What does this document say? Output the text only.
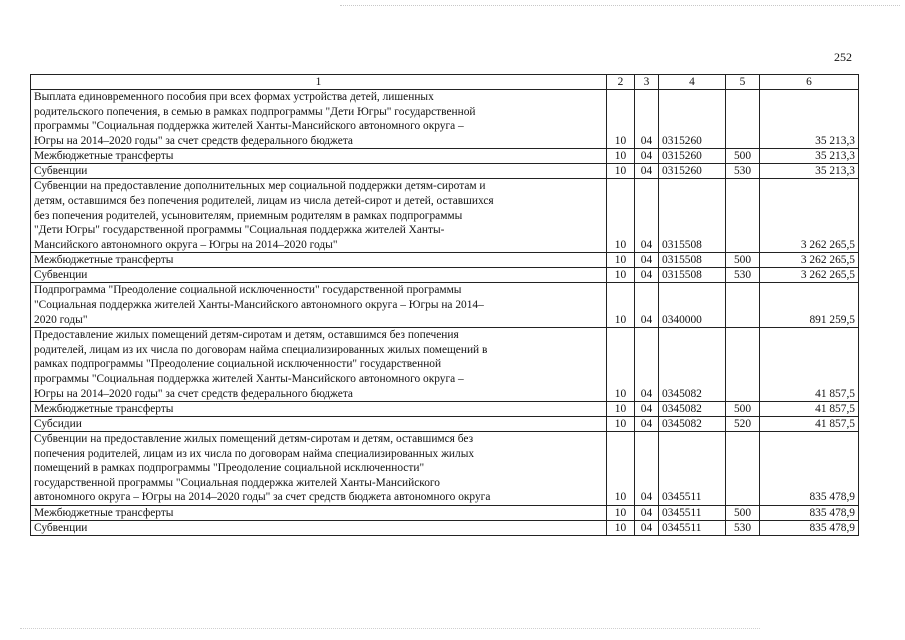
252
1	2	3	4	5	6

Выплата единовременного пособия при всех формах устройства детей, лишенных
родительского попечения, в семью в рамках подпрограммы "Дети Югры" государственной
программы "Социальная поддержка жителей Ханты-Мансийского автономного округа –
Югры на 2014–2020 годы" за счет средств федерального бюджета	10	04	0315260		35 213,3

Межбюджетные трансферты	10	04	0315260	500	35 213,3

Субвенции	10	04	0315260	530	35 213,3

Субвенции на предоставление дополнительных мер социальной поддержки детям-сиротам и
детям, оставшимся без попечения родителей, лицам из числа детей-сирот и детей, оставшихся
без попечения родителей, усыновителям, приемным родителям в рамках подпрограммы
"Дети Югры" государственной программы "Социальная поддержка жителей Ханты-
Мансийского автономного округа – Югры на 2014–2020 годы"	10	04	0315508		3 262 265,5

Межбюджетные трансферты	10	04	0315508	500	3 262 265,5

Субвенции	10	04	0315508	530	3 262 265,5

Подпрограмма "Преодоление социальной исключенности" государственной программы
"Социальная поддержка жителей Ханты-Мансийского автономного округа – Югры на 2014–
2020 годы"	10	04	0340000		891 259,5

Предоставление жилых помещений детям-сиротам и детям, оставшимся без попечения
родителей, лицам из их числа по договорам найма специализированных жилых помещений в
рамках подпрограммы "Преодоление социальной исключенности" государственной
программы "Социальная поддержка жителей Ханты-Мансийского автономного округа –
Югры на 2014–2020 годы" за счет средств федерального бюджета	10	04	0345082		41 857,5

Межбюджетные трансферты	10	04	0345082	500	41 857,5

Субсидии	10	04	0345082	520	41 857,5

Субвенции на предоставление жилых помещений детям-сиротам и детям, оставшимся без
попечения родителей, лицам из их числа по договорам найма специализированных жилых
помещений в рамках подпрограммы "Преодоление социальной исключенности"
государственной программы "Социальная поддержка жителей Ханты-Мансийского
автономного округа – Югры на 2014–2020 годы" за счет средств бюджета автономного округа	10	04	0345511		835 478,9

Межбюджетные трансферты	10	04	0345511	500	835 478,9

Субвенции	10	04	0345511	530	835 478,9
